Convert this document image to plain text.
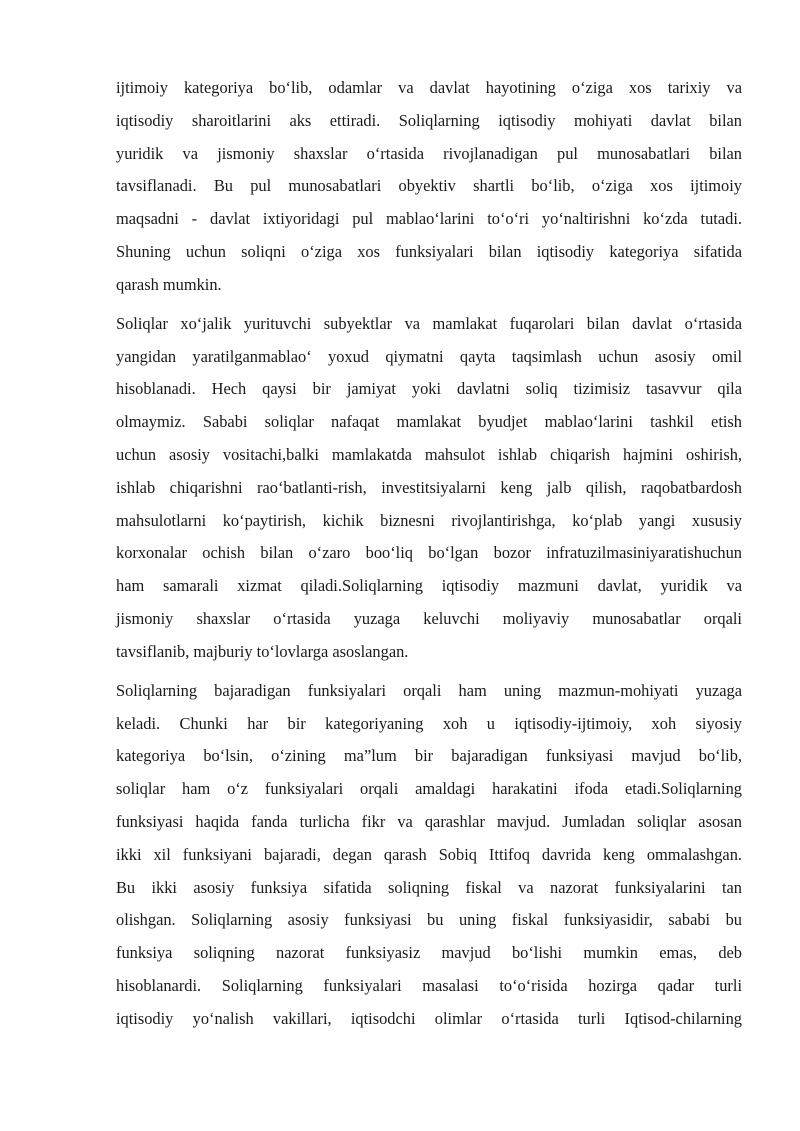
ijtimoiy kategoriya bo‘lib, odamlar va davlat hayotining o‘ziga xos tarixiy va
iqtisodiy sharoitlarini aks ettiradi. Soliqlarning iqtisodiy mohiyati davlat bilan
yuridik va jismoniy shaxslar o‘rtasida rivojlanadigan pul munosabatlari bilan
tavsiflanadi. Bu pul munosabatlari obyektiv shartli bo‘lib, o‘ziga xos ijtimoiy
maqsadni - davlat ixtiyoridagi pul mablao‘larini to‘o‘ri yo‘naltirishni ko‘zda tutadi.
Shuning uchun soliqni o‘ziga xos funksiyalari bilan iqtisodiy kategoriya sifatida
qarash mumkin.
Soliqlar xo‘jalik yurituvchi subyektlar va mamlakat fuqarolari bilan davlat o‘rtasida
yangidan yaratilganmablao‘ yoxud qiymatni qayta taqsimlash uchun asosiy omil
hisoblanadi. Hech qaysi bir jamiyat yoki davlatni soliq tizimisiz tasavvur qila
olmaymiz. Sababi soliqlar nafaqat mamlakat byudjet mablao‘larini tashkil etish
uchun asosiy vositachi,balki mamlakatda mahsulot ishlab chiqarish hajmini oshirish,
ishlab chiqarishni rao‘batlanti-rish, investitsiyalarni keng jalb qilish, raqobatbardosh
mahsulotlarni ko‘paytirish, kichik biznesni rivojlantirishga, ko‘plab yangi xususiy
korxonalar ochish bilan o‘zaro boo‘liq bo‘lgan bozor infratuzilmasiniyaratishuchun
ham samarali xizmat qiladi.Soliqlarning iqtisodiy mazmuni davlat, yuridik va
jismoniy shaxslar o‘rtasida yuzaga keluvchi moliyaviy munosabatlar orqali
tavsiflanib, majburiy to‘lovlarga asoslangan.
Soliqlarning bajaradigan funksiyalari orqali ham uning mazmun-mohiyati yuzaga
keladi. Chunki har bir kategoriyaning xoh u iqtisodiy-ijtimoiy, xoh siyosiy
kategoriya bo‘lsin, o‘zining ma”lum bir bajaradigan funksiyasi mavjud bo‘lib,
soliqlar ham o‘z funksiyalari orqali amaldagi harakatini ifoda etadi.Soliqlarning
funksiyasi haqida fanda turlicha fikr va qarashlar mavjud. Jumladan soliqlar asosan
ikki xil funksiyani bajaradi, degan qarash Sobiq Ittifoq davrida keng ommalashgan.
Bu ikki asosiy funksiya sifatida soliqning fiskal va nazorat funksiyalarini tan
olishgan. Soliqlarning asosiy funksiyasi bu uning fiskal funksiyasidir, sababi bu
funksiya soliqning nazorat funksiyasiz mavjud bo‘lishi mumkin emas, deb
hisoblanardi. Soliqlarning funksiyalari masalasi to‘o‘risida hozirga qadar turli
iqtisodiy yo‘nalish vakillari, iqtisodchi olimlar o‘rtasida turli Iqtisod-chilarning
